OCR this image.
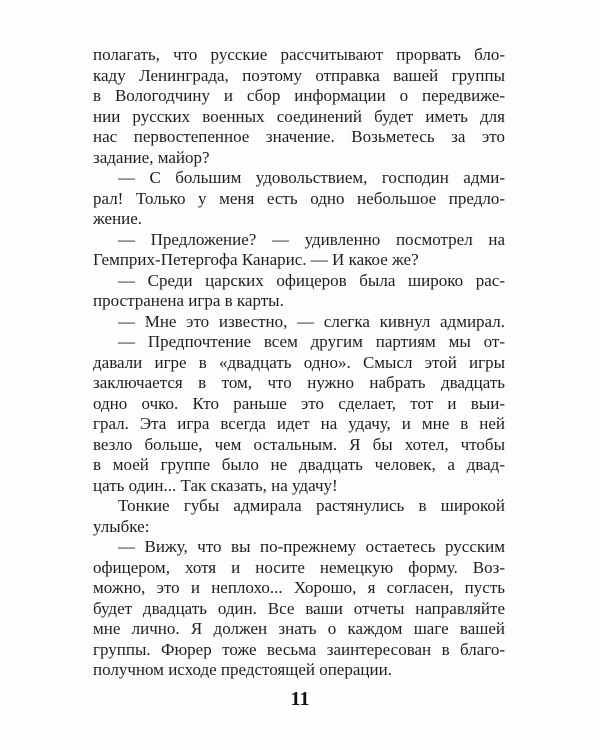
полагать, что русские рассчитывают прорвать бло-
каду Ленинграда, поэтому отправка вашей группы
в Вологодчину и сбор информации о передвиже-
нии русских военных соединений будет иметь для
нас первостепенное значение. Возьметесь за это
задание, майор?
— С большим удовольствием, господин адми-
рал! Только у меня есть одно небольшое предло-
жение.
— Предложение? — удивленно посмотрел на
Гемприх-Петергофа Канарис. — И какое же?
— Среди царских офицеров была широко рас-
пространена игра в карты.
— Мне это известно, — слегка кивнул адмирал.
— Предпочтение всем другим партиям мы от-
давали игре в «двадцать одно». Смысл этой игры
заключается в том, что нужно набрать двадцать
одно очко. Кто раньше это сделает, тот и выи-
грал. Эта игра всегда идет на удачу, и мне в ней
везло больше, чем остальным. Я бы хотел, чтобы
в моей группе было не двадцать человек, а двад-
цать один... Так сказать, на удачу!
Тонкие губы адмирала растянулись в широкой
улыбке:
— Вижу, что вы по-прежнему остаетесь русским
офицером, хотя и носите немецкую форму. Воз-
можно, это и неплохо... Хорошо, я согласен, пусть
будет двадцать один. Все ваши отчеты направляйте
мне лично. Я должен знать о каждом шаге вашей
группы. Фюрер тоже весьма заинтересован в благо-
получном исходе предстоящей операции.
11
